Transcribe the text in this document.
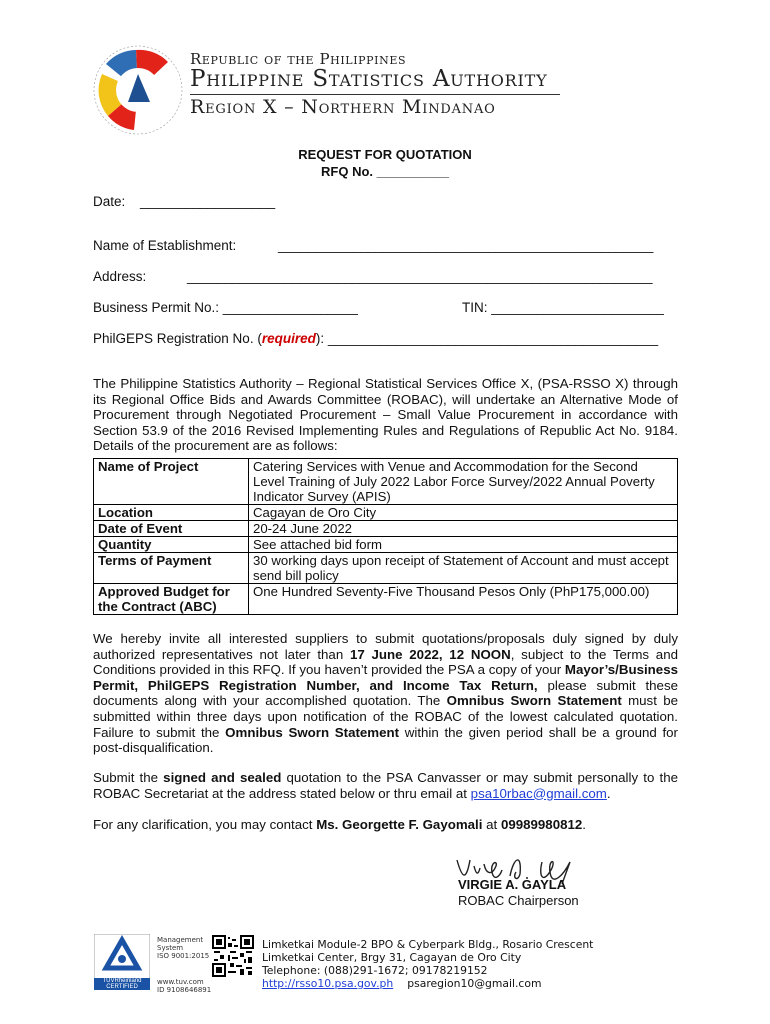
Republic of the Philippines
Philippine Statistics Authority
Region X – Northern Mindanao
REQUEST FOR QUOTATION
RFQ No. __________
Date: __________________
Name of Establishment:	__________________________________________________
Address:	______________________________________________________________
Business Permit No.: __________________	TIN: _______________________
PhilGEPS Registration No. (required): ____________________________________________
The Philippine Statistics Authority – Regional Statistical Services Office X, (PSA-RSSO X) through its Regional Office Bids and Awards Committee (ROBAC), will undertake an Alternative Mode of Procurement through Negotiated Procurement – Small Value Procurement in accordance with Section 53.9 of the 2016 Revised Implementing Rules and Regulations of Republic Act No. 9184. Details of the procurement are as follows:
Name of Project	Catering Services with Venue and Accommodation for the Second Level Training of July 2022 Labor Force Survey/2022 Annual Poverty Indicator Survey (APIS)
Location	Cagayan de Oro City
Date of Event	20-24 June 2022
Quantity	See attached bid form
Terms of Payment	30 working days upon receipt of Statement of Account and must accept send bill policy
Approved Budget for the Contract (ABC)	One Hundred Seventy-Five Thousand Pesos Only (PhP175,000.00)
We hereby invite all interested suppliers to submit quotations/proposals duly signed by duly authorized representatives not later than 17 June 2022, 12 NOON, subject to the Terms and Conditions provided in this RFQ. If you haven’t provided the PSA a copy of your Mayor’s/Business Permit, PhilGEPS Registration Number, and Income Tax Return, please submit these documents along with your accomplished quotation. The Omnibus Sworn Statement must be submitted within three days upon notification of the ROBAC of the lowest calculated quotation. Failure to submit the Omnibus Sworn Statement within the given period shall be a ground for post-disqualification.
Submit the signed and sealed quotation to the PSA Canvasser or may submit personally to the ROBAC Secretariat at the address stated below or thru email at psa10rbac@gmail.com.
For any clarification, you may contact Ms. Georgette F. Gayomali at 09989980812.
VIRGIE A. GAYLA
ROBAC Chairperson
TÜVRheinland CERTIFIED
Management
System
ISO 9001:2015
www.tuv.com
ID 9108646891
Limketkai Module-2 BPO & Cyberpark Bldg., Rosario Crescent
Limketkai Center, Brgy 31, Cagayan de Oro City
Telephone: (088)291-1672; 09178219152
http://rsso10.psa.gov.ph psaregion10@gmail.com
